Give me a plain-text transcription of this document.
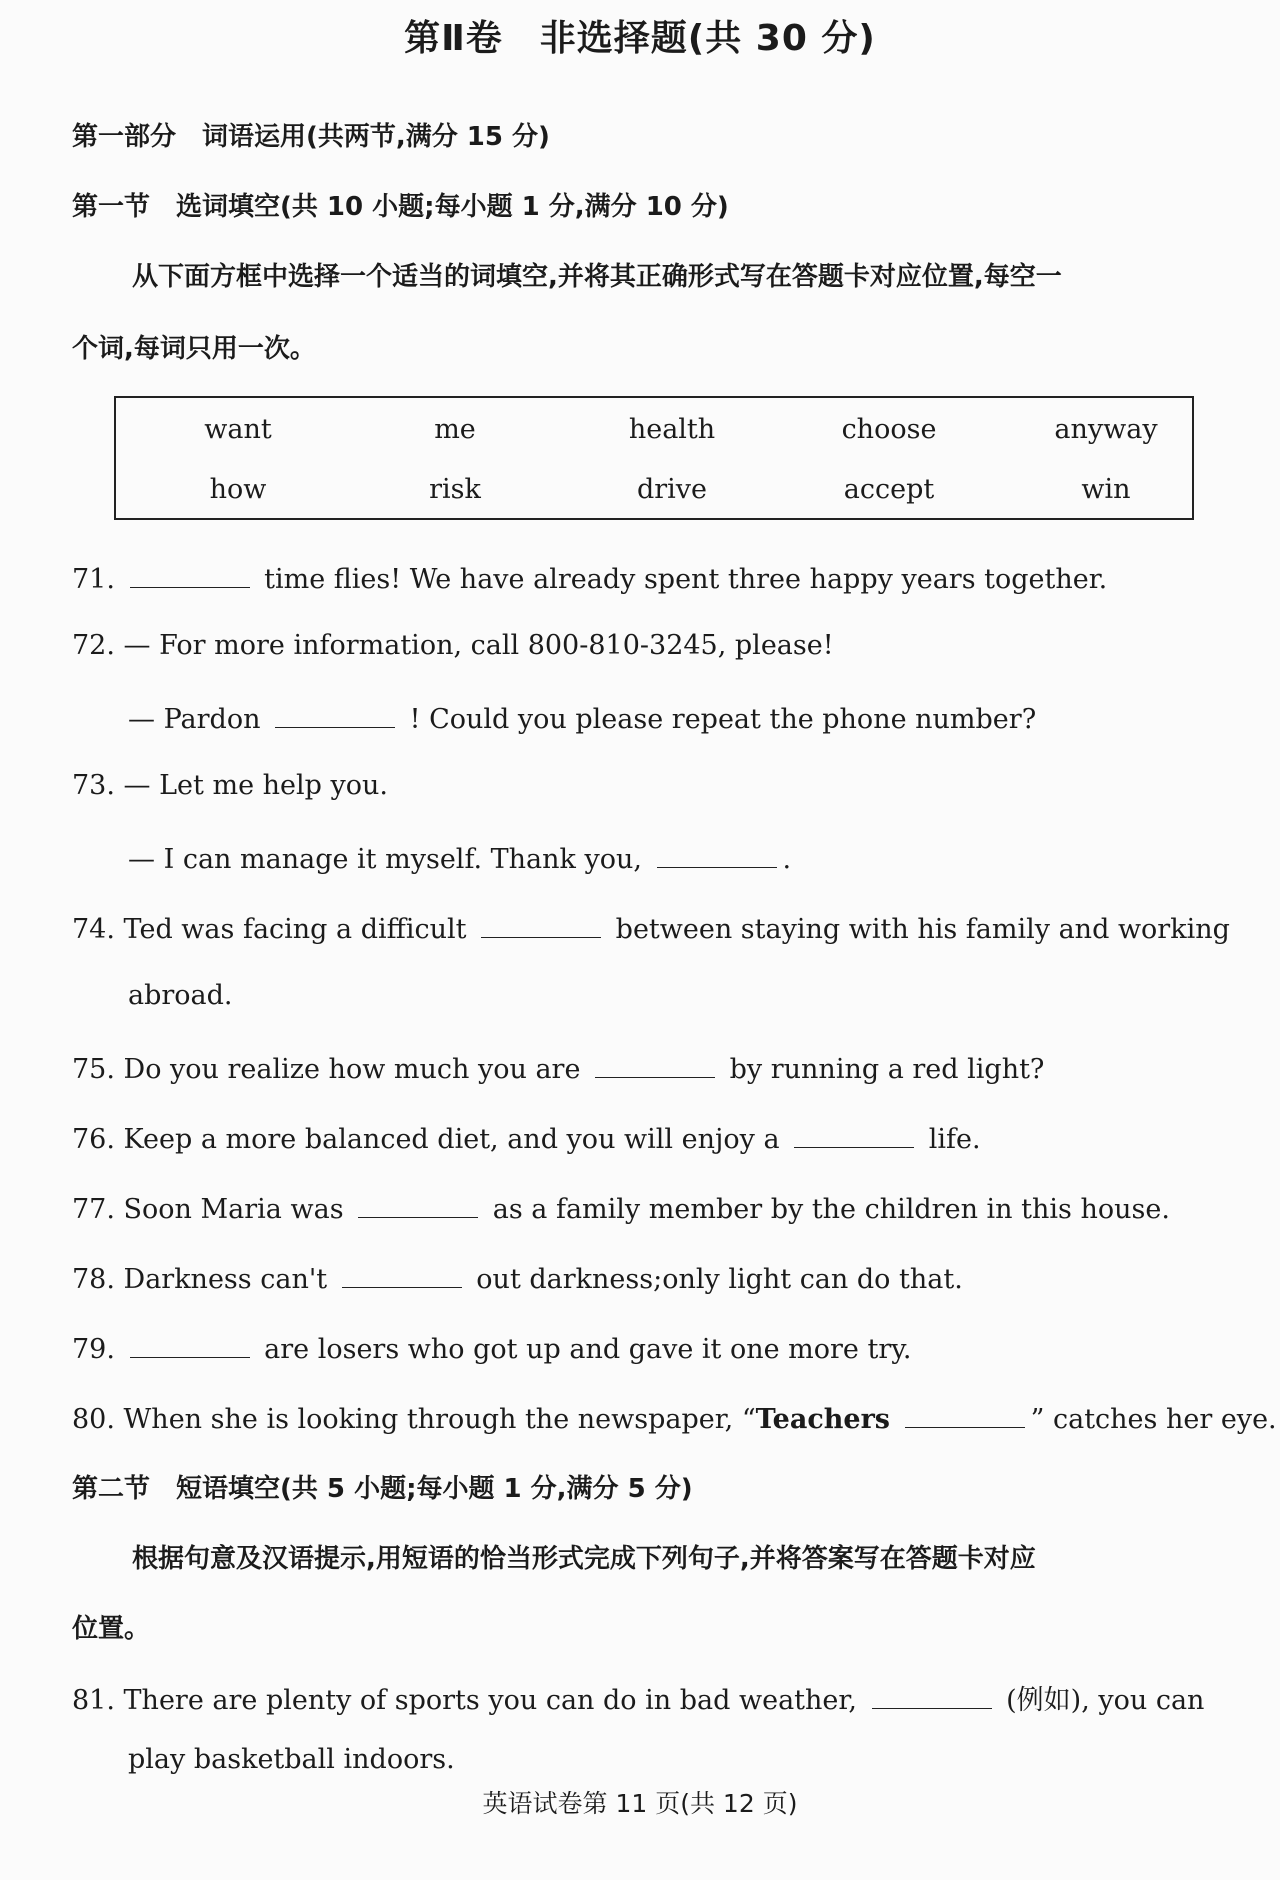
第Ⅱ卷　非选择题(共 30 分)
第一部分　词语运用(共两节,满分 15 分)
第一节　选词填空(共 10 小题;每小题 1 分,满分 10 分)
从下面方框中选择一个适当的词填空,并将其正确形式写在答题卡对应位置,每空一
个词,每词只用一次。
want	me	health	choose	anyway
how	risk	drive	accept	win
71.	time flies! We have already spent three happy years together.
72. — For more information, call 800-810-3245, please!
— Pardon	! Could you please repeat the phone number?
73. — Let me help you.
— I can manage it myself. Thank you,	.
74. Ted was facing a difficult	between staying with his family and working
abroad.
75. Do you realize how much you are	by running a red light?
76. Keep a more balanced diet, and you will enjoy a	life.
77. Soon Maria was	as a family member by the children in this house.
78. Darkness can't	out darkness;only light can do that.
79.	are losers who got up and gave it one more try.
80. When she is looking through the newspaper, “Teachers	” catches her eye.
第二节　短语填空(共 5 小题;每小题 1 分,满分 5 分)
根据句意及汉语提示,用短语的恰当形式完成下列句子,并将答案写在答题卡对应
位置。
81. There are plenty of sports you can do in bad weather,	(例如), you can
play basketball indoors.
英语试卷第 11 页(共 12 页)
